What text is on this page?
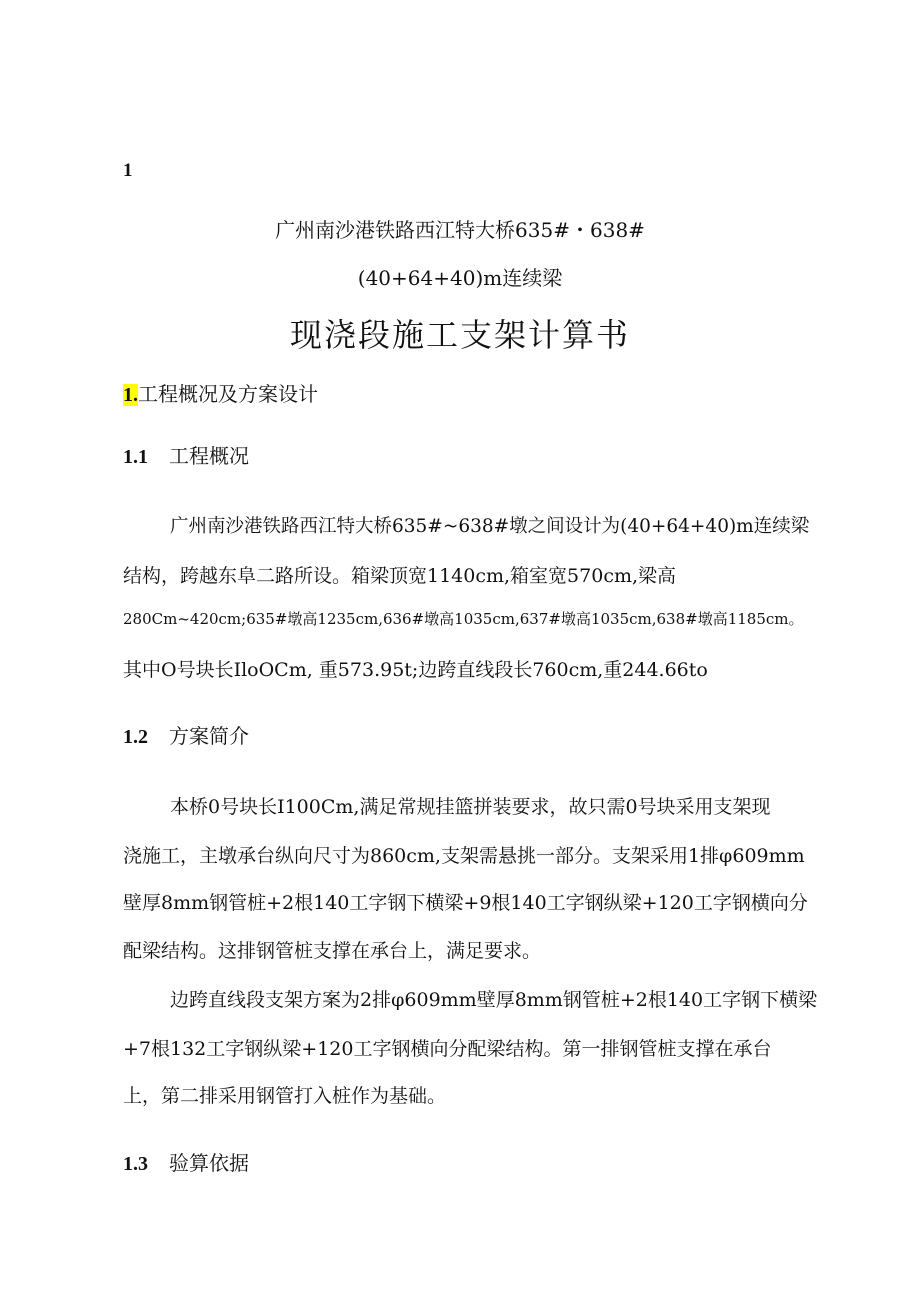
1
广州南沙港铁路西江特大桥635#・638#
(40+64+40)m连续梁
现浇段施工支架计算书
1.工程概况及方案设计
1.1 工程概况
广州南沙港铁路西江特大桥635#~638#墩之间设计为(40+64+40)m连续梁
结构，跨越东阜二路所设。箱梁顶宽1140cm,箱室宽570cm,梁高
280Cm~420cm;635#墩高1235cm,636#墩高1035cm,637#墩高1035cm,638#墩高1185cm。
其中O号块长IloOCm, 重573.95t;边跨直线段长760cm,重244.66to
1.2 方案简介
本桥0号块长I100Cm,满足常规挂篮拼装要求，故只需0号块采用支架现
浇施工，主墩承台纵向尺寸为860cm,支架需悬挑一部分。支架采用1排φ609mm
壁厚8mm钢管桩+2根140工字钢下横梁+9根140工字钢纵梁+120工字钢横向分
配梁结构。这排钢管桩支撑在承台上，满足要求。
边跨直线段支架方案为2排φ609mm壁厚8mm钢管桩+2根140工字钢下横梁
+7根132工字钢纵梁+120工字钢横向分配梁结构。第一排钢管桩支撑在承台
上，第二排采用钢管打入桩作为基础。
1.3 验算依据
